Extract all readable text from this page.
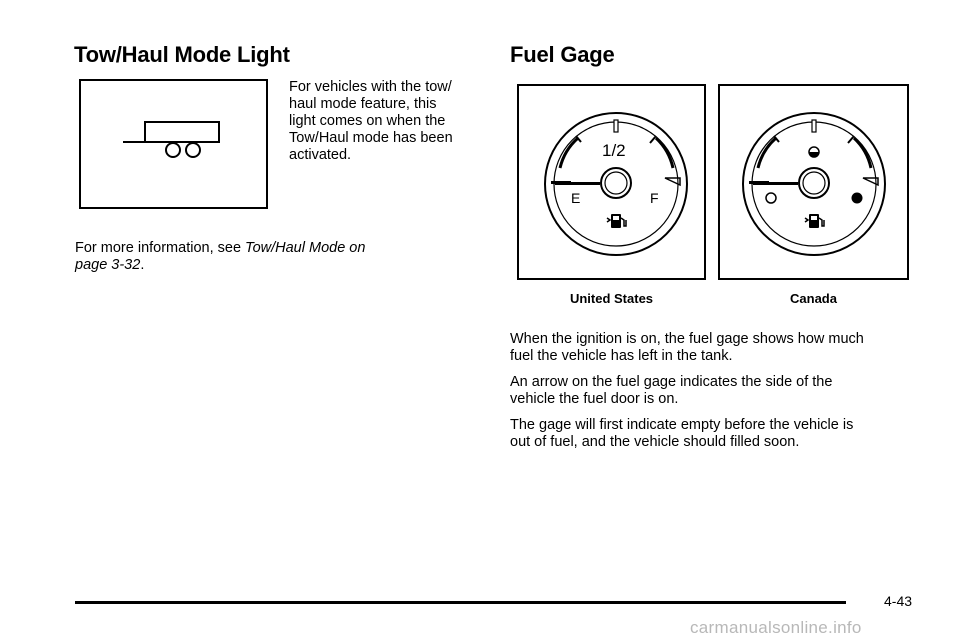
Tow/Haul Mode Light
For vehicles with the tow/
haul mode feature, this
light comes on when the
Tow/Haul mode has been
activated.
For more information, see Tow/Haul Mode on
page 3-32.
Fuel Gage
1/2
E	F
United States	Canada
When the ignition is on, the fuel gage shows how much
fuel the vehicle has left in the tank.
An arrow on the fuel gage indicates the side of the
vehicle the fuel door is on.
The gage will first indicate empty before the vehicle is
out of fuel, and the vehicle should filled soon.
4-43
carmanualsonline.info
